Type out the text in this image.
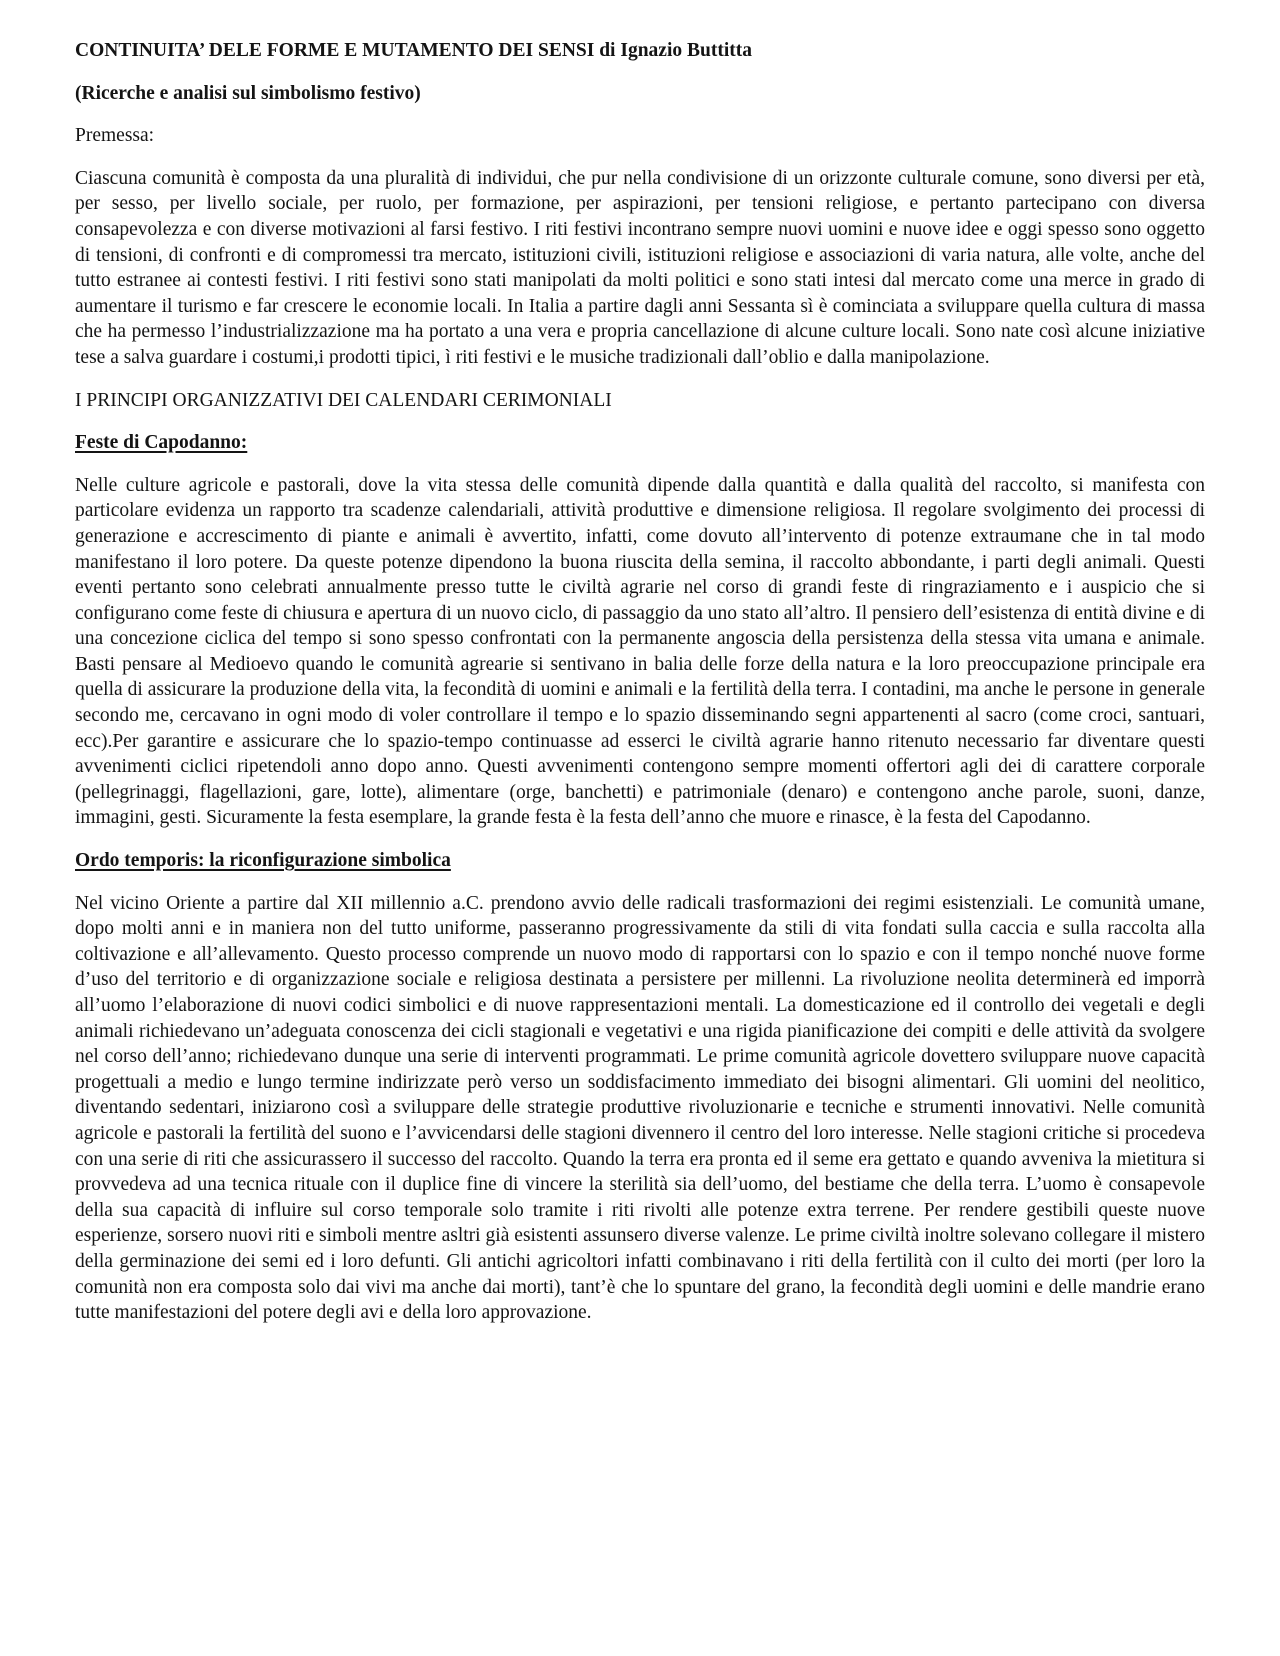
CONTINUITA’ DELE FORME E MUTAMENTO DEI SENSI di Ignazio Buttitta

(Ricerche e analisi sul simbolismo festivo)

Premessa:

Ciascuna comunità è composta da una pluralità di individui, che pur nella condivisione di un orizzonte culturale comune, sono diversi per età, per sesso, per livello sociale, per ruolo, per formazione, per aspirazioni, per tensioni religiose, e pertanto partecipano con diversa consapevolezza e con diverse motivazioni al farsi festivo. I riti festivi incontrano sempre nuovi uomini e nuove idee e oggi spesso sono oggetto di tensioni, di confronti e di compromessi tra mercato, istituzioni civili, istituzioni religiose e associazioni di varia natura, alle volte, anche del tutto estranee ai contesti festivi. I riti festivi sono stati manipolati da molti politici e sono stati intesi dal mercato come una merce in grado di aumentare il turismo e far crescere le economie locali. In Italia a partire dagli anni Sessanta sì è cominciata a sviluppare quella cultura di massa che ha permesso l’industrializzazione ma ha portato a una vera e propria cancellazione di alcune culture locali. Sono nate così alcune iniziative tese a salva guardare i costumi,i prodotti tipici, ì riti festivi e le musiche tradizionali dall’oblio e dalla manipolazione.

I PRINCIPI ORGANIZZATIVI DEI CALENDARI CERIMONIALI

Feste di Capodanno:

Nelle culture agricole e pastorali, dove la vita stessa delle comunità dipende dalla quantità e dalla qualità del raccolto, si manifesta con particolare evidenza un rapporto tra scadenze calendariali, attività produttive e dimensione religiosa. Il regolare svolgimento dei processi di generazione e accrescimento di piante e animali è avvertito, infatti, come dovuto all’intervento di potenze extraumane che in tal modo manifestano il loro potere. Da queste potenze dipendono la buona riuscita della semina, il raccolto abbondante, i parti degli animali. Questi eventi pertanto sono celebrati annualmente presso tutte le civiltà agrarie nel corso di grandi feste di ringraziamento e i auspicio che si configurano come feste di chiusura e apertura di un nuovo ciclo, di passaggio da uno stato all’altro. Il pensiero dell’esistenza di entità divine e di una concezione ciclica del tempo si sono spesso confrontati con la permanente angoscia della persistenza della stessa vita umana e animale. Basti pensare al Medioevo quando le comunità agrearie si sentivano in balia delle forze della natura e la loro preoccupazione principale era quella di assicurare la produzione della vita, la fecondità di uomini e animali e la fertilità della terra. I contadini, ma anche le persone in generale secondo me, cercavano in ogni modo di voler controllare il tempo e lo spazio disseminando segni appartenenti al sacro (come croci, santuari, ecc).Per garantire e assicurare che lo spazio-tempo continuasse ad esserci le civiltà agrarie hanno ritenuto necessario far diventare questi avvenimenti ciclici ripetendoli anno dopo anno. Questi avvenimenti contengono sempre momenti offertori agli dei di carattere corporale (pellegrinaggi, flagellazioni, gare, lotte), alimentare (orge, banchetti) e patrimoniale (denaro) e contengono anche parole, suoni, danze, immagini, gesti. Sicuramente la festa esemplare, la grande festa è la festa dell’anno che muore e rinasce, è la festa del Capodanno.

Ordo temporis: la riconfigurazione simbolica

Nel vicino Oriente a partire dal XII millennio a.C. prendono avvio delle radicali trasformazioni dei regimi esistenziali. Le comunità umane, dopo molti anni e in maniera non del tutto uniforme, passeranno progressivamente da stili di vita fondati sulla caccia e sulla raccolta alla coltivazione e all’allevamento. Questo processo comprende un nuovo modo di rapportarsi con lo spazio e con il tempo nonché nuove forme d’uso del territorio e di organizzazione sociale e religiosa destinata a persistere per millenni. La rivoluzione neolita determinerà ed imporrà all’uomo l’elaborazione di nuovi codici simbolici e di nuove rappresentazioni mentali. La domesticazione ed il controllo dei vegetali e degli animali richiedevano un’adeguata conoscenza dei cicli stagionali e vegetativi e una rigida pianificazione dei compiti e delle attività da svolgere nel corso dell’anno; richiedevano dunque una serie di interventi programmati. Le prime comunità agricole dovettero sviluppare nuove capacità progettuali a medio e lungo termine indirizzate però verso un soddisfacimento immediato dei bisogni alimentari. Gli uomini del neolitico, diventando sedentari, iniziarono così a sviluppare delle strategie produttive rivoluzionarie e tecniche e strumenti innovativi. Nelle comunità agricole e pastorali la fertilità del suono e l’avvicendarsi delle stagioni divennero il centro del loro interesse. Nelle stagioni critiche si procedeva con una serie di riti che assicurassero il successo del raccolto. Quando la terra era pronta ed il seme era gettato e quando avveniva la mietitura si provvedeva ad una tecnica rituale con il duplice fine di vincere la sterilità sia dell’uomo, del bestiame che della terra. L’uomo è consapevole della sua capacità di influire sul corso temporale solo tramite i riti rivolti alle potenze extra terrene. Per rendere gestibili queste nuove esperienze, sorsero nuovi riti e simboli mentre asltri già esistenti assunsero diverse valenze. Le prime civiltà inoltre solevano collegare il mistero della germinazione dei semi ed i loro defunti. Gli antichi agricoltori infatti combinavano i riti della fertilità con il culto dei morti (per loro la comunità non era composta solo dai vivi ma anche dai morti), tant’è che lo spuntare del grano, la fecondità degli uomini e delle mandrie erano tutte manifestazioni del potere degli avi e della loro approvazione.
